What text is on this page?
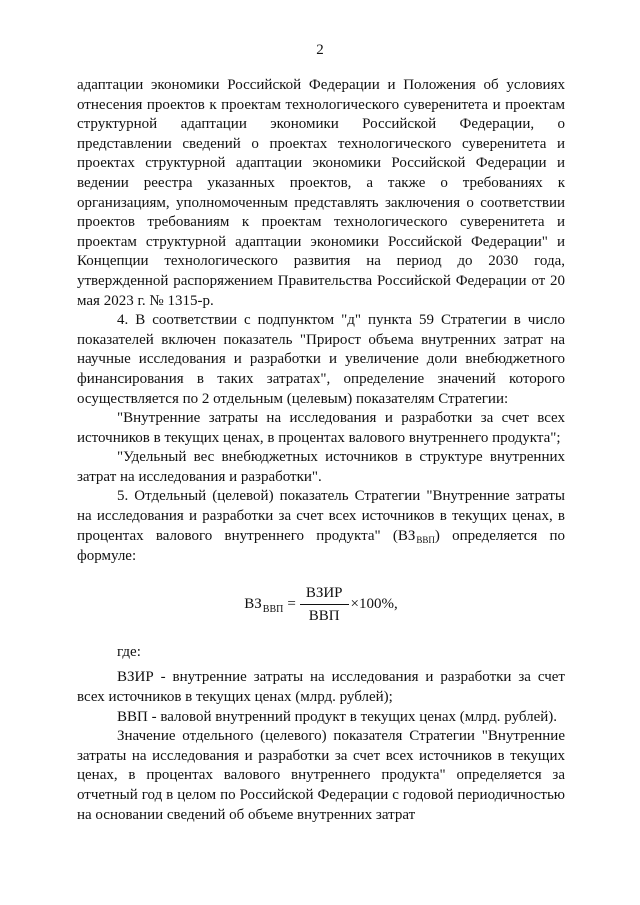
2

адаптации экономики Российской Федерации и Положения об условиях отнесения проектов к проектам технологического суверенитета и проектам структурной адаптации экономики Российской Федерации, о представлении сведений о проектах технологического суверенитета и проектах структурной адаптации экономики Российской Федерации и ведении реестра указанных проектов, а также о требованиях к организациям, уполномоченным представлять заключения о соответствии проектов требованиям к проектам технологического суверенитета и проектам структурной адаптации экономики Российской Федерации" и Концепции технологического развития на период до 2030 года, утвержденной распоряжением Правительства Российской Федерации от 20 мая 2023 г. № 1315-р.

4. В соответствии с подпунктом "д" пункта 59 Стратегии в число показателей включен показатель "Прирост объема внутренних затрат на научные исследования и разработки и увеличение доли внебюджетного финансирования в таких затратах", определение значений которого осуществляется по 2 отдельным (целевым) показателям Стратегии:

"Внутренние затраты на исследования и разработки за счет всех источников в текущих ценах, в процентах валового внутреннего продукта";

"Удельный вес внебюджетных источников в структуре внутренних затрат на исследования и разработки".

5. Отдельный (целевой) показатель Стратегии "Внутренние затраты на исследования и разработки за счет всех источников в текущих ценах, в процентах валового внутреннего продукта" $(ВЗ_{ВВП})$ определяется по формуле:

ВЗ ВВП = $\frac{\text{ВЗИР}}{\text{ВВП}} \times 100\%$,

где:

ВЗИР - внутренние затраты на исследования и разработки за счет всех источников в текущих ценах (млрд. рублей);

ВВП - валовой внутренний продукт в текущих ценах (млрд. рублей).

Значение отдельного (целевого) показателя Стратегии "Внутренние затраты на исследования и разработки за счет всех источников в текущих ценах, в процентах валового внутреннего продукта" определяется за отчетный год в целом по Российской Федерации с годовой периодичностью на основании сведений об объеме внутренних затрат
